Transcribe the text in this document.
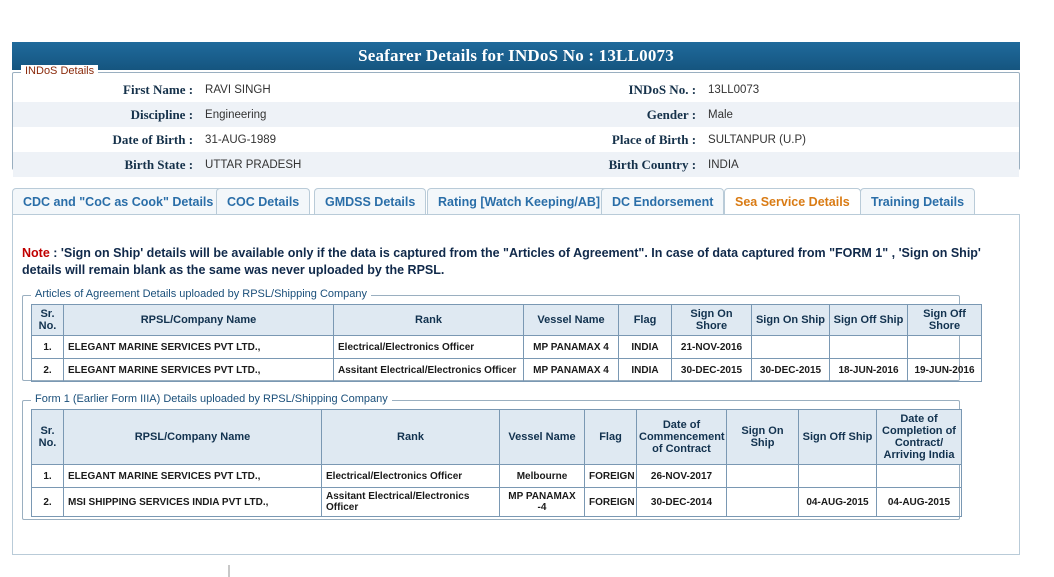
Seafarer Details for INDoS No : 13LL0073
INDoS Details
First Name :	RAVI SINGH	INDoS No. :	13LL0073
Discipline :	Engineering	Gender :	Male
Date of Birth :	31-AUG-1989	Place of Birth :	SULTANPUR (U.P)
Birth State :	UTTAR PRADESH	Birth Country :	INDIA
CDC and "CoC as Cook" Details	COC Details	GMDSS Details	Rating [Watch Keeping/AB] DC Endorsement	Sea Service Details	Training Details
Note : 'Sign on Ship' details will be available only if the data is captured from the "Articles of Agreement". In case of data captured from "FORM 1" , 'Sign on Ship' details will remain blank as the same was never uploaded by the RPSL.
Articles of Agreement Details uploaded by RPSL/Shipping Company
Sr. No.	RPSL/Company Name	Rank	Vessel Name	Flag	Sign On Shore	Sign On Ship	Sign Off Ship	Sign Off Shore
1.	ELEGANT MARINE SERVICES PVT LTD.,	Electrical/Electronics Officer	MP PANAMAX 4	INDIA	21-NOV-2016			
2.	ELEGANT MARINE SERVICES PVT LTD.,	Assitant Electrical/Electronics Officer	MP PANAMAX 4	INDIA	30-DEC-2015	30-DEC-2015	18-JUN-2016	19-JUN-2016
Form 1 (Earlier Form IIIA) Details uploaded by RPSL/Shipping Company
Sr. No.	RPSL/Company Name	Rank	Vessel Name	Flag	Date of Commencement of Contract	Sign On Ship	Sign Off Ship	Date of Completion of Contract/ Arriving India
1.	ELEGANT MARINE SERVICES PVT LTD.,	Electrical/Electronics Officer	Melbourne	FOREIGN	26-NOV-2017			
2.	MSI SHIPPING SERVICES INDIA PVT LTD.,	Assitant Electrical/Electronics Officer	MP PANAMAX -4	FOREIGN	30-DEC-2014		04-AUG-2015	04-AUG-2015
